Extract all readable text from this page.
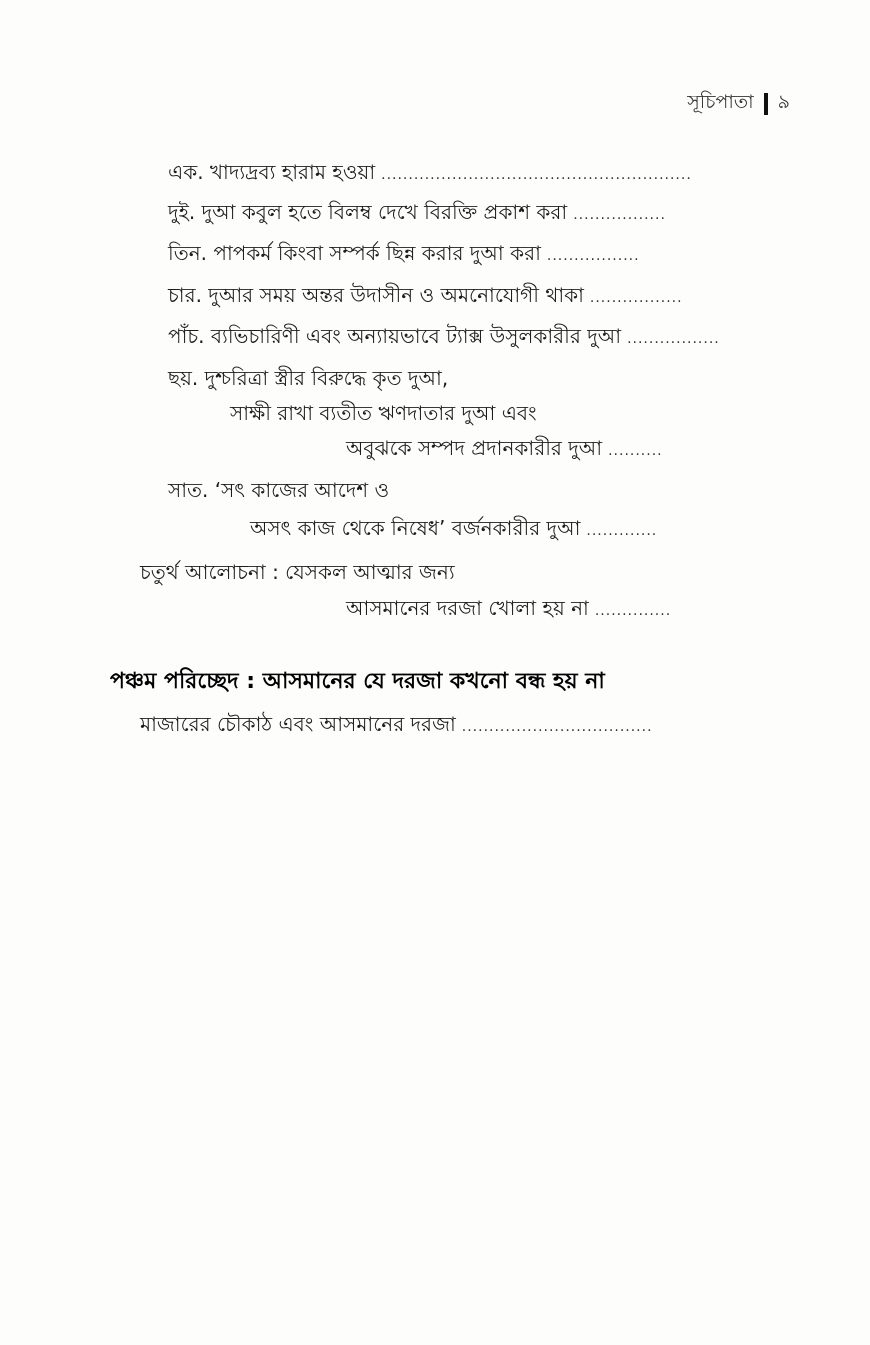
সূচিপাতা ৯
এক. খাদ্যদ্রব্য হারাম হওয়া .........................................................
দুই. দুআ কবুল হতে বিলম্ব দেখে বিরক্তি প্রকাশ করা .................
তিন. পাপকর্ম কিংবা সম্পর্ক ছিন্ন করার দুআ করা .................
চার. দুআর সময় অন্তর উদাসীন ও অমনোযোগী থাকা .................
পাঁচ. ব্যভিচারিণী এবং অন্যায়ভাবে ট্যাক্স উসুলকারীর দুআ .................
ছয়. দুশ্চরিত্রা স্ত্রীর বিরুদ্ধে কৃত দুআ,
সাক্ষী রাখা ব্যতীত ঋণদাতার দুআ এবং
অবুঝকে সম্পদ প্রদানকারীর দুআ ..........
সাত. ‘সৎ কাজের আদেশ ও
অসৎ কাজ থেকে নিষেধ’ বর্জনকারীর দুআ .............
চতুর্থ আলোচনা : যেসকল আত্মার জন্য
আসমানের দরজা খোলা হয় না ..............
পঞ্চম পরিচ্ছেদ : আসমানের যে দরজা কখনো বন্ধ হয় না
মাজারের চৌকাঠ এবং আসমানের দরজা ...................................
